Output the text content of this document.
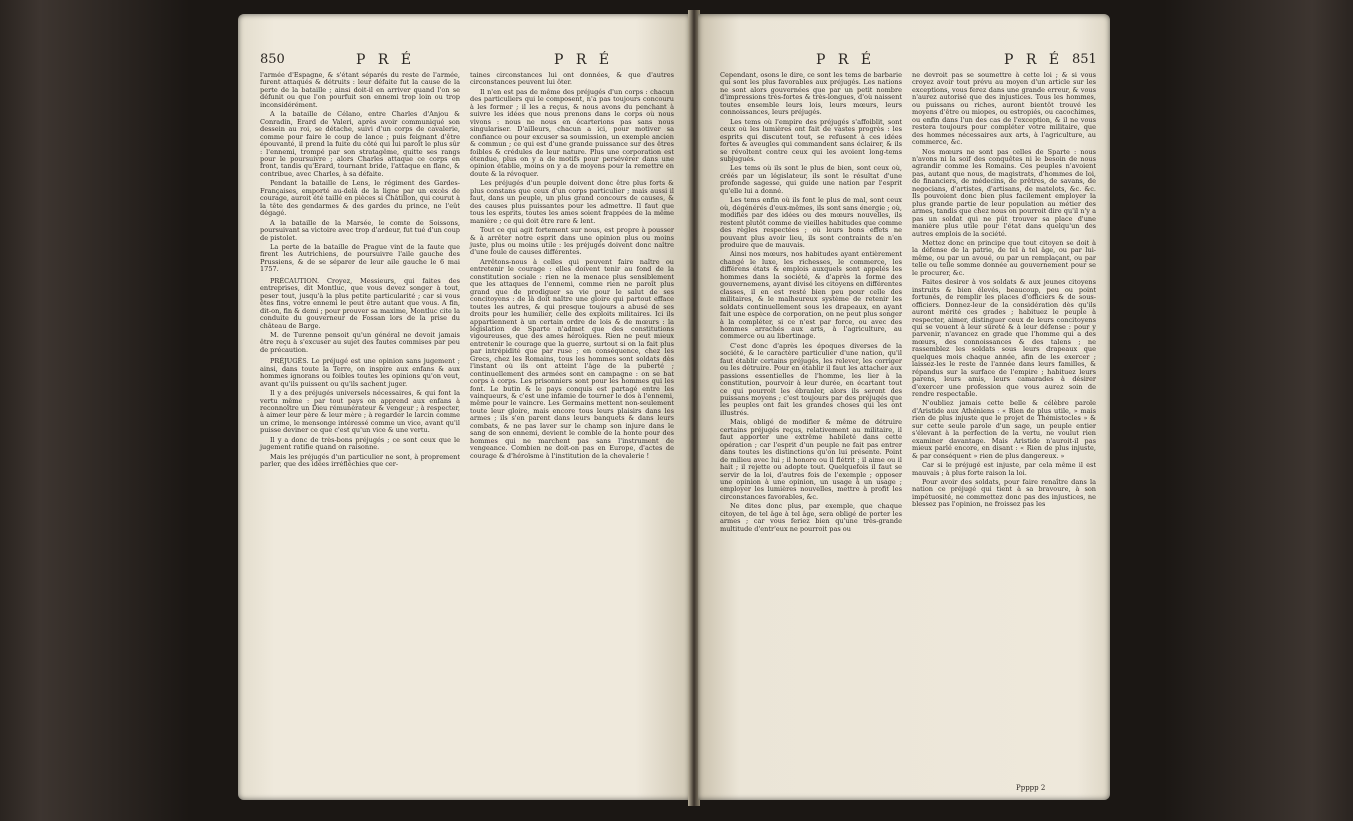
850	P R É	P R É

l'armée d'Espagne, & s'étant séparés du reste de l'armée, furent attaqués & détruits : leur défaite fut la cause de la perte de la bataille ; ainsi doit-il en arriver quand l'on se défunit ou que l'on pourfuit son ennemi trop loin ou trop inconsidérément.

A la bataille de Célano, entre Charles d'Anjou & Conradin, Erard de Valeri, après avoir communiqué son dessein au roi, se détache, suivi d'un corps de cavalerie, comme pour faire le coup de lance ; puis feignant d'être épouvanté, il prend la fuite du côté qui lui paroît le plus sûr : l'ennemi, trompé par son stratagême, quitte ses rangs pour le poursuivre ; alors Charles attaque ce corps en front, tandis qu'Erard, tournant bride, l'attaque en flanc, & contribue, avec Charles, à sa défaite.

Pendant la bataille de Lens, le régiment des Gardes-Françaises, emporté au-delà de la ligne par un excès de courage, auroit été taillé en pièces si Châtillon, qui courut à la tête des gendarmes & des gardes du prince, ne l'eût dégagé.

A la bataille de la Marsée, le comte de Soissons, poursuivant sa victoire avec trop d'ardeur, fut tué d'un coup de pistolet.

La perte de la bataille de Prague vint de la faute que firent les Autrichiens, de poursuivre l'aile gauche des Prussiens, & de se séparer de leur aile gauche le 6 mai 1757.

PRÉCAUTION. Croyez, Messieurs, qui faites des entreprises, dit Montluc, que vous devez songer à tout, peser tout, jusqu'à la plus petite particularité ; car si vous êtes fins, votre ennemi le peut être autant que vous. A fin, dit-on, fin & demi ; pour prouver sa maxime, Montluc cite la conduite du gouverneur de Fossan lors de la prise du château de Barge.

M. de Turenne pensoit qu'un général ne devoit jamais être reçu à s'excuser au sujet des fautes commises par peu de précaution.

PRÉJUGÉS. Le préjugé est une opinion sans jugement ; ainsi, dans toute la Terre, on inspire aux enfans & aux hommes ignorans ou foibles toutes les opinions qu'on veut, avant qu'ils puissent ou qu'ils sachent juger.

Il y a des préjugés universels nécessaires, & qui font la vertu même : par tout pays on apprend aux enfans à reconnoître un Dieu rémunérateur & vengeur ; à respecter, à aimer leur père & leur mère ; à regarder le larcin comme un crime, le mensonge intéressé comme un vice, avant qu'il puisse deviner ce que c'est qu'un vice & une vertu.

Il y a donc de très-bons préjugés ; ce sont ceux que le jugement ratifie quand on raisonne.

Mais les préjugés d'un particulier ne sont, à proprement parler, que des idées irréfléchies que cer-

taines circonstances lui ont données, & que d'autres circonstances peuvent lui ôter.

Il n'en est pas de même des préjugés d'un corps : chacun des particuliers qui le composent, n'a pas toujours concouru à les former ; il les a reçus, & nous avons du penchant à suivre les idées que nous prenons dans le corps où nous vivons : nous ne nous en écarterions pas sans nous singulariser. D'ailleurs, chacun a ici, pour motiver sa confiance ou pour excuser sa soumission, un exemple ancien & commun ; ce qui est d'une grande puissance sur des êtres foibles & crédules de leur nature. Plus une corporation est étendue, plus on y a de motifs pour persévérer dans une opinion établie, moins on y a de moyens pour la remettre en doute & la révoquer.

Les préjugés d'un peuple doivent donc être plus forts & plus constans que ceux d'un corps particulier ; mais aussi il faut, dans un peuple, un plus grand concours de causes, & des causes plus puissantes pour les admettre. Il faut que tous les esprits, toutes les ames soient frappées de la même manière ; ce qui doit être rare & lent.

Tout ce qui agit fortement sur nous, est propre à pousser & à arrêter notre esprit dans une opinion plus ou moins juste, plus ou moins utile : les préjugés doivent donc naître d'une foule de causes différentes.

Arrêtons-nous à celles qui peuvent faire naître ou entretenir le courage : elles doivent tenir au fond de la constitution sociale : rien ne la menace plus sensiblement que les attaques de l'ennemi, comme rien ne paroît plus grand que de prodiguer sa vie pour le salut de ses concitoyens : de là doit naître une gloire qui partout efface toutes les autres, & qui presque toujours a abusé de ses droits pour les humilier, celle des exploits militaires. Ici ils appartiennent à un certain ordre de lois & de mœurs : la législation de Sparte n'admet que des constitutions vigoureuses, que des ames héroïques. Rien ne peut mieux entretenir le courage que la guerre, surtout si on la fait plus par intrépidité que par ruse ; en conséquence, chez les Grecs, chez les Romains, tous les hommes sont soldats dès l'instant où ils ont atteint l'âge de la puberté ; continuellement des armées sont en campagne : on se bat corps à corps. Les prisonniers sont pour les hommes qui les font. Le butin & le pays conquis est partagé entre les vainqueurs, & c'est une infamie de tourner le dos à l'ennemi, même pour le vaincre. Les Germains mettent non-seulement toute leur gloire, mais encore tous leurs plaisirs dans les armes ; ils s'en parent dans leurs banquets & dans leurs combats, & ne pas laver sur le champ son injure dans le sang de son ennemi, devient le comble de la honte pour des hommes qui ne marchent pas sans l'instrument de vengeance. Combien ne doit-on pas en Europe, d'actes de courage & d'héroïsme à l'institution de la chevalerie !

P R É	P R É 851

Cependant, osons le dire, ce sont les tems de barbarie qui sont les plus favorables aux préjugés. Les nations ne sont alors gouvernées que par un petit nombre d'impressions très-fortes & très-longues, d'où naissent toutes ensemble leurs lois, leurs mœurs, leurs connoissances, leurs préjugés.

Les tems où l'empire des préjugés s'affoiblit, sont ceux où les lumières ont fait de vastes progrès : les esprits qui discutent tout, se refusent à ces idées fortes & aveugles qui commandent sans éclairer, & ils se révoltent contre ceux qui les avoient long-tems subjugués.

Les tems où ils sont le plus de bien, sont ceux où, créés par un législateur, ils sont le résultat d'une profonde sagesse, qui guide une nation par l'esprit qu'elle lui a donné.

Les tems enfin où ils font le plus de mal, sont ceux où, dégénérés d'eux-mêmes, ils sont sans énergie ; où, modifiés par des idées ou des mœurs nouvelles, ils restent plutôt comme de vieilles habitudes que comme des règles respectées ; où leurs bons effets ne pouvant plus avoir lieu, ils sont contraints de n'en produire que de mauvais.

Ainsi nos mœurs, nos habitudes ayant entièrement changé le luxe, les richesses, le commerce, les différens états & emplois auxquels sont appelés les hommes dans la société, & d'après la forme des gouvernemens, ayant divisé les citoyens en différentes classes, il en est resté bien peu pour celle des militaires, & le malheureux système de retenir les soldats continuellement sous les drapeaux, en ayant fait une espèce de corporation, on ne peut plus songer à la compléter, si ce n'est par force, ou avec des hommes arrachés aux arts, à l'agriculture, au commerce ou au libertinage.

C'est donc d'après les époques diverses de la société, & le caractère particulier d'une nation, qu'il faut établir certains préjugés, les relever, les corriger ou les détruire. Pour en établir il faut les attacher aux passions essentielles de l'homme, les lier à la constitution, pourvoir à leur durée, en écartant tout ce qui pourroit les ébranler, alors ils seront des puissans moyens ; c'est toujours par des préjugés que les peuples ont fait les grandes choses qui les ont illustrés.

Mais, obligé de modifier & même de détruire certains préjugés reçus, relativement au militaire, il faut apporter une extrême habileté dans cette opération ; car l'esprit d'un peuple ne fait pas entrer dans toutes les distinctions qu'on lui présente. Point de milieu avec lui ; il honore ou il flétrit ; il aime ou il hait ; il rejette ou adopte tout. Quelquefois il faut se servir de la loi, d'autres fois de l'exemple ; opposer une opinion à une opinion, un usage à un usage ; employer les lumières nouvelles, mettre à profit les circonstances favorables, &c.

Ne dites donc plus, par exemple, que chaque citoyen, de tel âge à tel âge, sera obligé de porter les armes ; car vous feriez bien qu'une très-grande multitude d'entr'eux ne pourroit pas ou

ne devroit pas se soumettre à cette loi ; & si vous croyez avoir tout prévu au moyen d'un article sur les exceptions, vous ferez dans une grande erreur, & vous n'aurez autorisé que des injustices. Tous les hommes, ou puissans ou riches, auront bientôt trouvé les moyens d'être ou miopes, ou estropiés, ou cacochimes, ou enfin dans l'un des cas de l'exception, & il ne vous restera toujours pour compléter votre militaire, que des hommes nécessaires aux arts, à l'agriculture, au commerce, &c.

Nos mœurs ne sont pas celles de Sparte : nous n'avons ni la soif des conquêtes ni le besoin de nous agrandir comme les Romains. Ces peuples n'avoient pas, autant que nous, de magistrats, d'hommes de loi, de financiers, de médecins, de prêtres, de savans, de negocians, d'artistes, d'artisans, de matelots, &c. &c. Ils pouvoient donc bien plus facilement employer la plus grande partie de leur population au métier des armes, tandis que chez nous on pourroit dire qu'il n'y a pas un soldat qui ne pût trouver sa place d'une manière plus utile pour l'état dans quelqu'un des autres emplois de la société.

Mettez donc en principe que tout citoyen se doit à la défense de la patrie, de tel à tel âge, ou par lui-même, ou par un avoué, ou par un remplaçant, ou par telle ou telle somme donnée au gouvernement pour se le procurer, &c.

Faites desirer à vos soldats & aux jeunes citoyens instruits & bien élevés, beaucoup, peu ou point fortunés, de remplir les places d'officiers & de sous-officiers. Donnez-leur de la considération dès qu'ils auront mérité ces grades ; habituez le peuple à respecter, aimer, distinguer ceux de leurs concitoyens qui se vouent à leur sûreté & à leur défense : pour y parvenir, n'avancez en grade que l'homme qui a des mœurs, des connoissances & des talens ; ne rassemblez les soldats sous leurs drapeaux que quelques mois chaque année, afin de les exercer ; laissez-les le reste de l'année dans leurs familles, & répandus sur la surface de l'empire ; habituez leurs parens, leurs amis, leurs camarades à désirer d'exercer une profession que vous aurez soin de rendre respectable.

N'oubliez jamais cette belle & célèbre parole d'Aristide aux Athéniens : « Rien de plus utile, » mais rien de plus injuste que le projet de Thémistocles » & sur cette seule parole d'un sage, un peuple entier s'élevant à la perfection de la vertu, ne voulut rien examiner davantage. Mais Aristide n'auroit-il pas mieux parlé encore, en disant : « Rien de plus injuste, & par conséquent » rien de plus dangereux. »

Car si le préjugé est injuste, par cela même il est mauvais ; à plus forte raison la loi.

Pour avoir des soldats, pour faire renaître dans la nation ce préjugé qui tient à sa bravoure, à son impétuosité, ne commettez donc pas des injustices, ne blessez pas l'opinion, ne froissez pas les

Ppppp 2
